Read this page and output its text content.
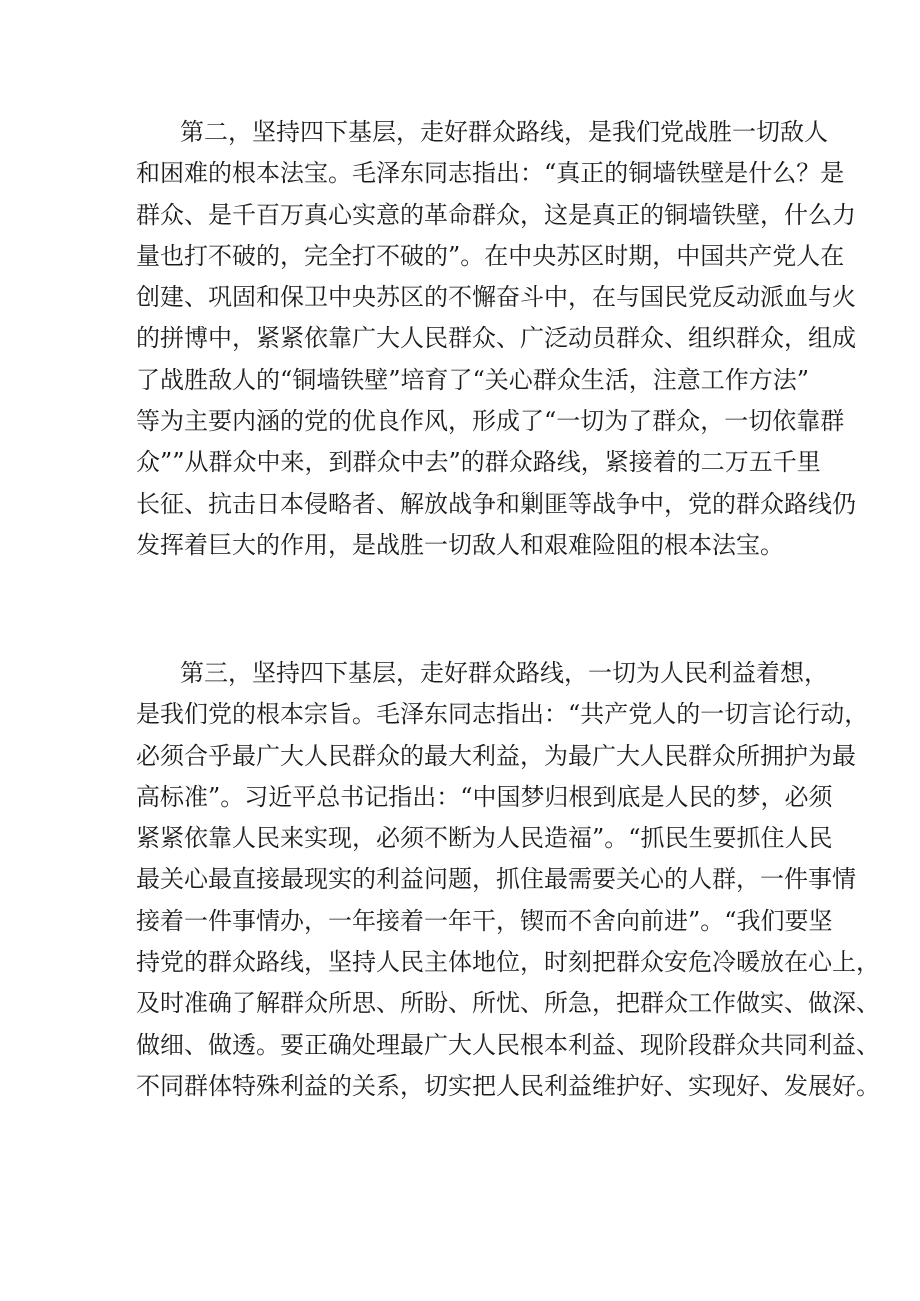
第二，坚持四下基层，走好群众路线，是我们党战胜一切敌人
和困难的根本法宝。毛泽东同志指出：“真正的铜墙铁壁是什么？是
群众、是千百万真心实意的革命群众，这是真正的铜墙铁壁，什么力
量也打不破的，完全打不破的”。在中央苏区时期，中国共产党人在
创建、巩固和保卫中央苏区的不懈奋斗中，在与国民党反动派血与火
的拼博中，紧紧依靠广大人民群众、广泛动员群众、组织群众，组成
了战胜敌人的“铜墙铁壁”培育了“关心群众生活，注意工作方法”
等为主要内涵的党的优良作风，形成了“一切为了群众，一切依靠群
众””从群众中来，到群众中去”的群众路线，紧接着的二万五千里
长征、抗击日本侵略者、解放战争和剿匪等战争中，党的群众路线仍
发挥着巨大的作用，是战胜一切敌人和艰难险阻的根本法宝。
第三，坚持四下基层，走好群众路线，一切为人民利益着想，
是我们党的根本宗旨。毛泽东同志指出：“共产党人的一切言论行动，
必须合乎最广大人民群众的最大利益，为最广大人民群众所拥护为最
高标准”。习近平总书记指出：“中国梦归根到底是人民的梦，必须
紧紧依靠人民来实现，必须不断为人民造福”。“抓民生要抓住人民
最关心最直接最现实的利益问题，抓住最需要关心的人群，一件事情
接着一件事情办，一年接着一年干，锲而不舍向前进”。“我们要坚
持党的群众路线，坚持人民主体地位，时刻把群众安危冷暖放在心上，
及时准确了解群众所思、所盼、所忧、所急，把群众工作做实、做深、
做细、做透。要正确处理最广大人民根本利益、现阶段群众共同利益、
不同群体特殊利益的关系，切实把人民利益维护好、实现好、发展好。
